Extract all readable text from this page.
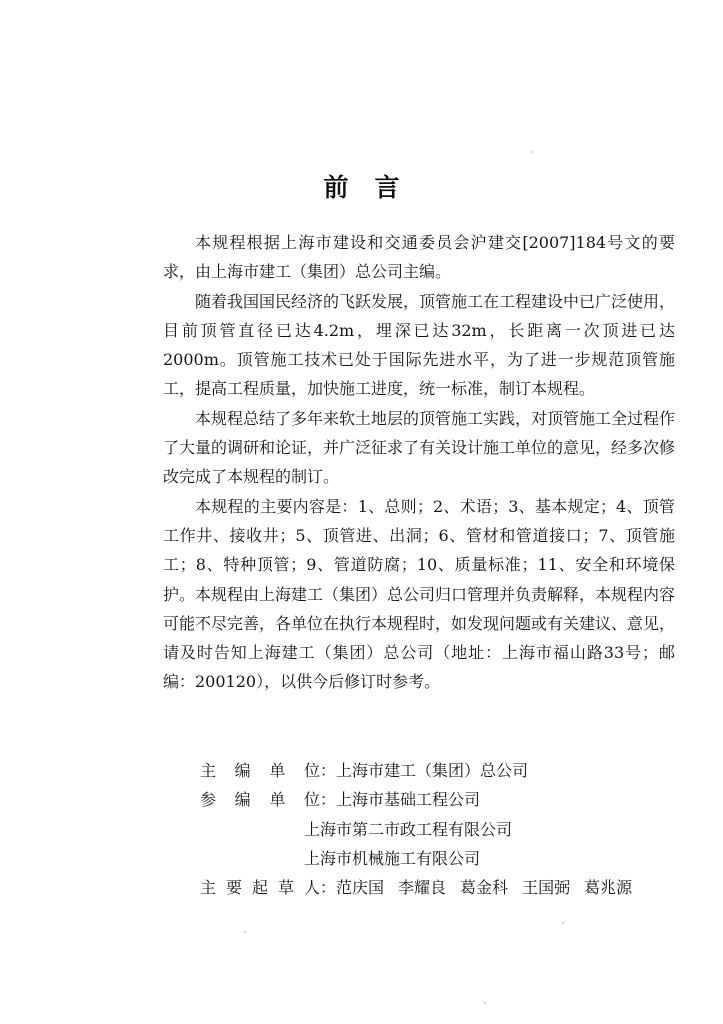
前言

本规程根据上海市建设和交通委员会沪建交[2007]184号文的要求，由上海市建工（集团）总公司主编。

随着我国国民经济的飞跃发展，顶管施工在工程建设中已广泛使用，目前顶管直径已达4.2m，埋深已达32m，长距离一次顶进已达2000m。顶管施工技术已处于国际先进水平，为了进一步规范顶管施工，提高工程质量，加快施工进度，统一标准，制订本规程。

本规程总结了多年来软土地层的顶管施工实践，对顶管施工全过程作了大量的调研和论证，并广泛征求了有关设计施工单位的意见，经多次修改完成了本规程的制订。

本规程的主要内容是：1、总则；2、术语；3、基本规定；4、顶管工作井、接收井；5、顶管进、出洞；6、管材和管道接口；7、顶管施工；8、特种顶管；9、管道防腐；10、质量标准；11、安全和环境保护。本规程由上海建工（集团）总公司归口管理并负责解释，本规程内容可能不尽完善，各单位在执行本规程时，如发现问题或有关建议、意见，请及时告知上海建工（集团）总公司（地址：上海市福山路33号；邮编：200120），以供今后修订时参考。

主编单位 ： 上海市建工（集团）总公司
参编单位 ： 上海市基础工程公司
上海市第二市政工程有限公司
上海市机械施工有限公司
主要起草人 ： 范庆国 李耀良 葛金科 王国弼 葛兆源
